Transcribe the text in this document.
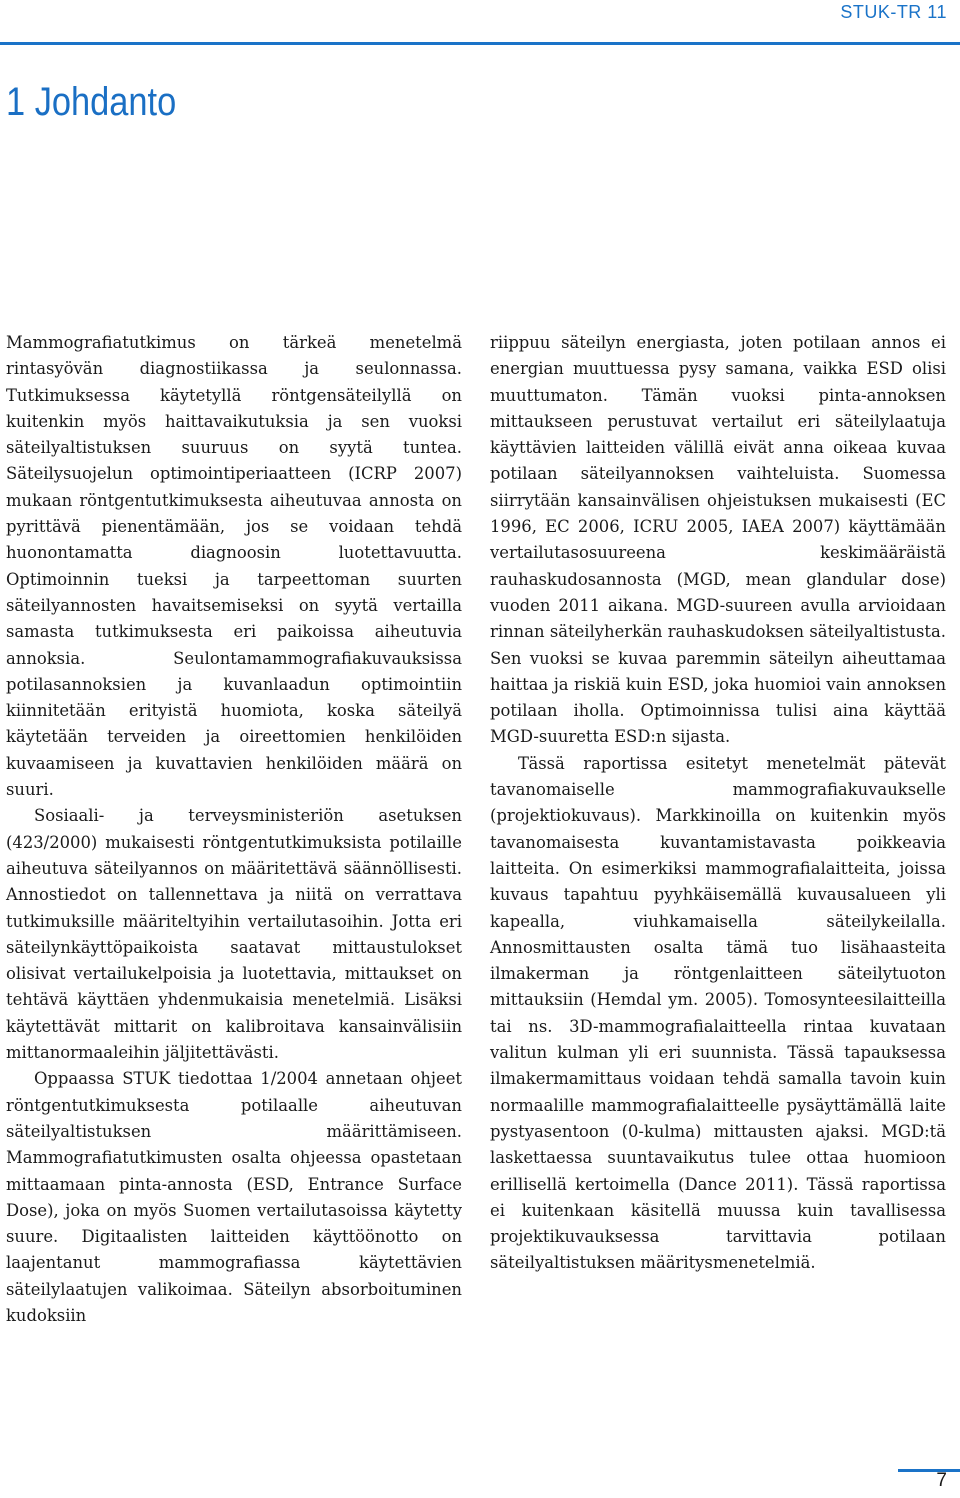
STUK-TR 11
1 Johdanto

Mammografiatutkimus on tärkeä menetelmä rintasyövän diagnostiikassa ja seulonnassa. Tutkimuksessa käytetyllä röntgensäteilyllä on kuitenkin myös haittavaikutuksia ja sen vuoksi säteilyaltistuksen suuruus on syytä tuntea. Säteilysuojelun optimointiperiaatteen (ICRP 2007) mukaan röntgentutkimuksesta aiheutuvaa annosta on pyrittävä pienentämään, jos se voidaan tehdä huonontamatta diagnoosin luotettavuutta. Optimoinnin tueksi ja tarpeettoman suurten säteilyannosten havaitsemiseksi on syytä vertailla samasta tutkimuksesta eri paikoissa aiheutuvia annoksia. Seulontamammografiakuvauksissa potilasannoksien ja kuvanlaadun optimointiin kiinnitetään erityistä huomiota, koska säteilyä käytetään terveiden ja oireettomien henkilöiden kuvaamiseen ja kuvattavien henkilöiden määrä on suuri.

Sosiaali- ja terveysministeriön asetuksen (423/2000) mukaisesti röntgentutkimuksista potilaille aiheutuva säteilyannos on määritettävä säännöllisesti. Annostiedot on tallennettava ja niitä on verrattava tutkimuksille määriteltyihin vertailutasoihin. Jotta eri säteilynkäyttöpaikoista saatavat mittaustulokset olisivat vertailukelpoisia ja luotettavia, mittaukset on tehtävä käyttäen yhdenmukaisia menetelmiä. Lisäksi käytettävät mittarit on kalibroitava kansainvälisiin mittanormaaleihin jäljitettävästi.

Oppaassa STUK tiedottaa 1/2004 annetaan ohjeet röntgentutkimuksesta potilaalle aiheutuvan säteilyaltistuksen määrittämiseen. Mammografiatutkimusten osalta ohjeessa opastetaan mittaamaan pinta-annosta (ESD, Entrance Surface Dose), joka on myös Suomen vertailutasoissa käytetty suure. Digitaalisten laitteiden käyttöönotto on laajentanut mammografiassa käytettävien säteilylaatujen valikoimaa. Säteilyn absorboituminen kudoksiin

riippuu säteilyn energiasta, joten potilaan annos ei energian muuttuessa pysy samana, vaikka ESD olisi muuttumaton. Tämän vuoksi pinta-annoksen mittaukseen perustuvat vertailut eri säteilylaatuja käyttävien laitteiden välillä eivät anna oikeaa kuvaa potilaan säteilyannoksen vaihteluista. Suomessa siirrytään kansainvälisen ohjeistuksen mukaisesti (EC 1996, EC 2006, ICRU 2005, IAEA 2007) käyttämään vertailutasosuureena keskimääräistä rauhaskudosannosta (MGD, mean glandular dose) vuoden 2011 aikana. MGD-suureen avulla arvioidaan rinnan säteilyherkän rauhaskudoksen säteilyaltistusta. Sen vuoksi se kuvaa paremmin säteilyn aiheuttamaa haittaa ja riskiä kuin ESD, joka huomioi vain annoksen potilaan iholla. Optimoinnissa tulisi aina käyttää MGD-suuretta ESD:n sijasta.

Tässä raportissa esitetyt menetelmät pätevät tavanomaiselle mammografiakuvaukselle (projektiokuvaus). Markkinoilla on kuitenkin myös tavanomaisesta kuvantamistavasta poikkeavia laitteita. On esimerkiksi mammografialaitteita, joissa kuvaus tapahtuu pyyhkäisemällä kuvausalueen yli kapealla, viuhkamaisella säteilykeilalla. Annosmittausten osalta tämä tuo lisähaasteita ilmakerman ja röntgenlaitteen säteilytuoton mittauksiin (Hemdal ym. 2005). Tomosynteesilaitteilla tai ns. 3D-mammografialaitteella rintaa kuvataan valitun kulman yli eri suunnista. Tässä tapauksessa ilmakermamittaus voidaan tehdä samalla tavoin kuin normaalille mammografialaitteelle pysäyttämällä laite pystyasentoon (0-kulma) mittausten ajaksi. MGD:tä laskettaessa suuntavaikutus tulee ottaa huomioon erillisellä kertoimella (Dance 2011). Tässä raportissa ei kuitenkaan käsitellä muussa kuin tavallisessa projektikuvauksessa tarvittavia potilaan säteilyaltistuksen määritysmenetelmiä.

7
